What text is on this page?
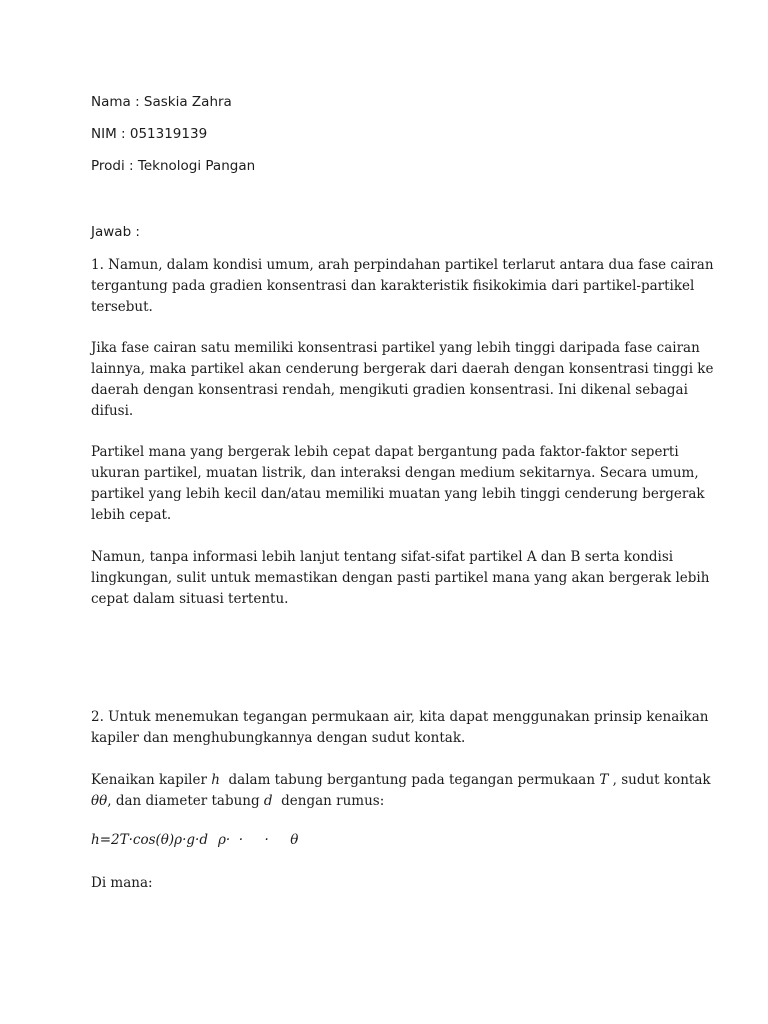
Nama : Saskia Zahra
NIM : 051319139
Prodi : Teknologi Pangan
Jawab :
1. Namun, dalam kondisi umum, arah perpindahan partikel terlarut antara dua fase cairan
tergantung pada gradien konsentrasi dan karakteristik fisikokimia dari partikel-partikel
tersebut.
Jika fase cairan satu memiliki konsentrasi partikel yang lebih tinggi daripada fase cairan
lainnya, maka partikel akan cenderung bergerak dari daerah dengan konsentrasi tinggi ke
daerah dengan konsentrasi rendah, mengikuti gradien konsentrasi. Ini dikenal sebagai
difusi.
Partikel mana yang bergerak lebih cepat dapat bergantung pada faktor-faktor seperti
ukuran partikel, muatan listrik, dan interaksi dengan medium sekitarnya. Secara umum,
partikel yang lebih kecil dan/atau memiliki muatan yang lebih tinggi cenderung bergerak
lebih cepat.
Namun, tanpa informasi lebih lanjut tentang sifat-sifat partikel A dan B serta kondisi
lingkungan, sulit untuk memastikan dengan pasti partikel mana yang akan bergerak lebih
cepat dalam situasi tertentu.
2. Untuk menemukan tegangan permukaan air, kita dapat menggunakan prinsip kenaikan
kapiler dan menghubungkannya dengan sudut kontak.
Kenaikan kapiler h  dalam tabung bergantung pada tegangan permukaan T , sudut kontak
θθ, dan diameter tabung d  dengan rumus:
h=2T·cos(θ)ρ·g·d ρ·  ·     ·     θ
Di mana:
